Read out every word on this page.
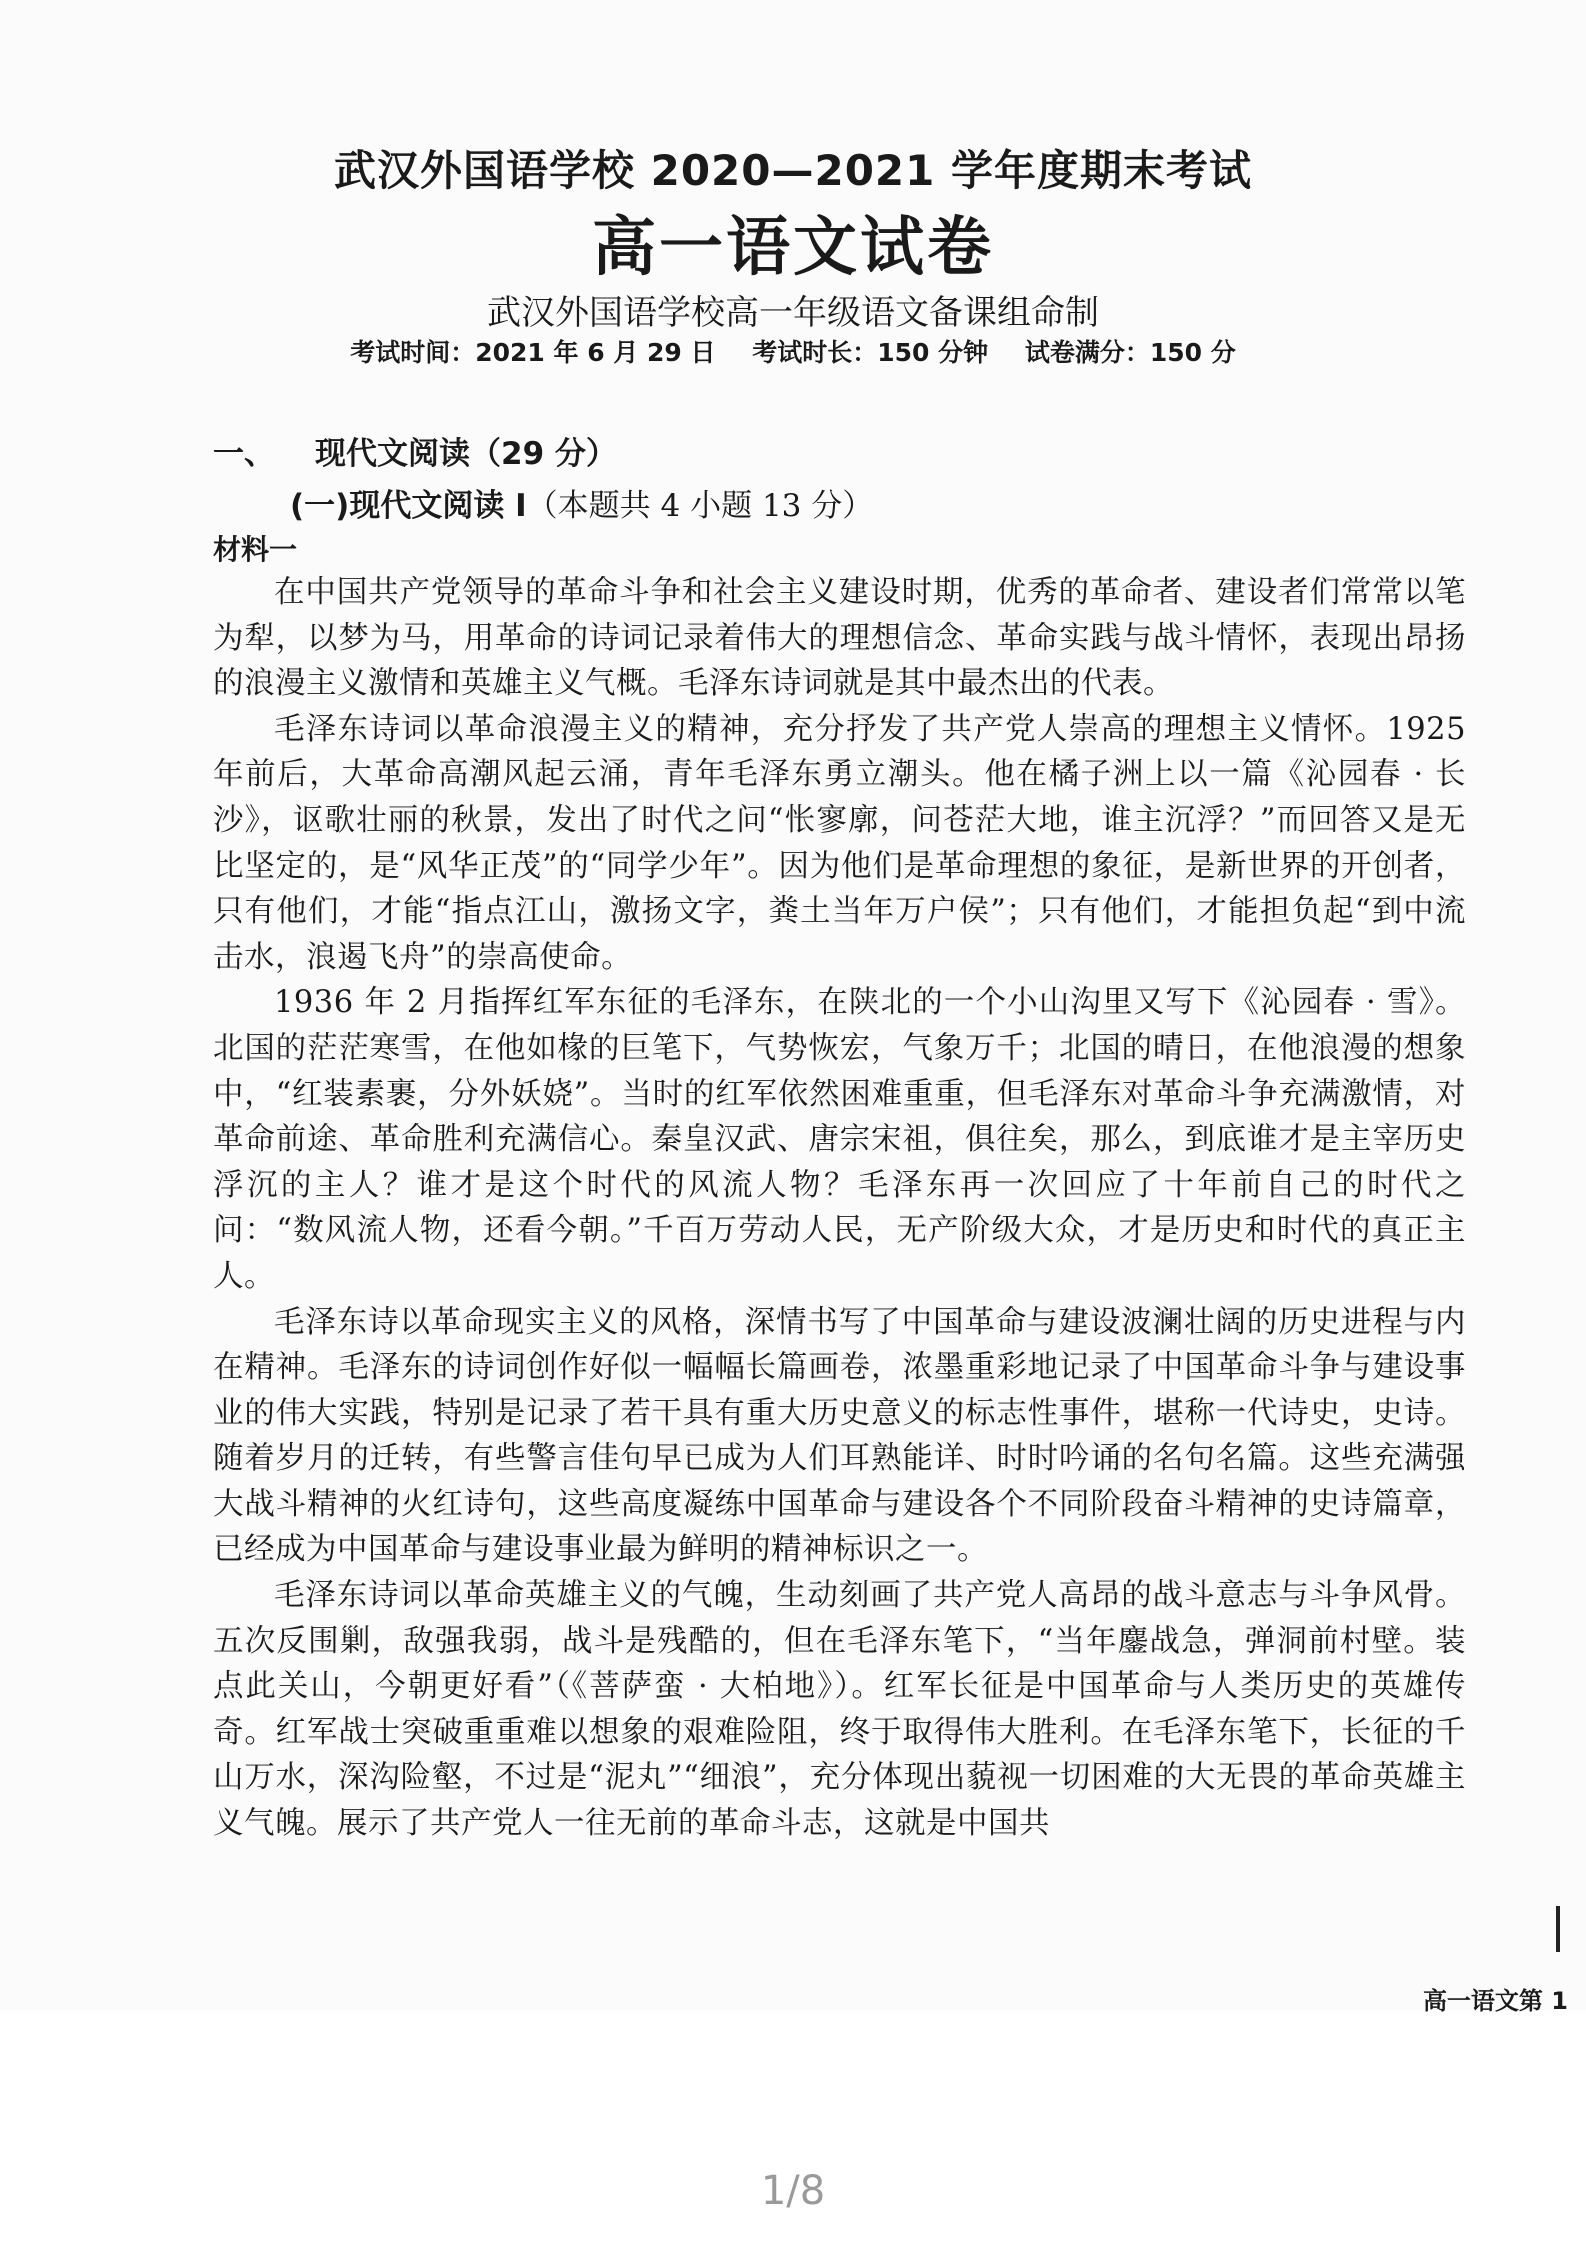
武汉外国语学校 2020—2021 学年度期末考试
高一语文试卷
武汉外国语学校高一年级语文备课组命制
考试时间：2021 年 6 月 29 日 考试时长：150 分钟 试卷满分：150 分
一、 现代文阅读（29 分）
(一)现代文阅读 I（本题共 4 小题 13 分）
材料一

在中国共产党领导的革命斗争和社会主义建设时期，优秀的革命者、建设者们常常以笔为犁，以梦为马，用革命的诗词记录着伟大的理想信念、革命实践与战斗情怀，表现出昂扬的浪漫主义激情和英雄主义气概。毛泽东诗词就是其中最杰出的代表。

毛泽东诗词以革命浪漫主义的精神，充分抒发了共产党人崇高的理想主义情怀。1925 年前后，大革命高潮风起云涌，青年毛泽东勇立潮头。他在橘子洲上以一篇《沁园春 · 长沙》，讴歌壮丽的秋景，发出了时代之问“怅寥廓，问苍茫大地，谁主沉浮？”而回答又是无比坚定的，是“风华正茂”的“同学少年”。因为他们是革命理想的象征，是新世界的开创者，只有他们，才能“指点江山，激扬文字，粪土当年万户侯”；只有他们，才能担负起“到中流击水，浪遏飞舟”的崇高使命。

1936 年 2 月指挥红军东征的毛泽东，在陕北的一个小山沟里又写下《沁园春 · 雪》。北国的茫茫寒雪，在他如椽的巨笔下，气势恢宏，气象万千；北国的晴日，在他浪漫的想象中，“红装素裹，分外妖娆”。当时的红军依然困难重重，但毛泽东对革命斗争充满激情，对革命前途、革命胜利充满信心。秦皇汉武、唐宗宋祖，俱往矣，那么，到底谁才是主宰历史浮沉的主人？谁才是这个时代的风流人物？毛泽东再一次回应了十年前自己的时代之问：“数风流人物，还看今朝。”千百万劳动人民，无产阶级大众，才是历史和时代的真正主人。

毛泽东诗以革命现实主义的风格，深情书写了中国革命与建设波澜壮阔的历史进程与内在精神。毛泽东的诗词创作好似一幅幅长篇画卷，浓墨重彩地记录了中国革命斗争与建设事业的伟大实践，特别是记录了若干具有重大历史意义的标志性事件，堪称一代诗史，史诗。随着岁月的迁转，有些警言佳句早已成为人们耳熟能详、时时吟诵的名句名篇。这些充满强大战斗精神的火红诗句，这些高度凝练中国革命与建设各个不同阶段奋斗精神的史诗篇章，已经成为中国革命与建设事业最为鲜明的精神标识之一。

毛泽东诗词以革命英雄主义的气魄，生动刻画了共产党人高昂的战斗意志与斗争风骨。五次反围剿，敌强我弱，战斗是残酷的，但在毛泽东笔下，“当年鏖战急，弹洞前村壁。装点此关山，今朝更好看”（《菩萨蛮 · 大柏地》）。红军长征是中国革命与人类历史的英雄传奇。红军战士突破重重难以想象的艰难险阻，终于取得伟大胜利。在毛泽东笔下，长征的千山万水，深沟险壑，不过是“泥丸”“细浪”，充分体现出藐视一切困难的大无畏的革命英雄主义气魄。展示了共产党人一往无前的革命斗志，这就是中国共

高一语文第 1
1/8
